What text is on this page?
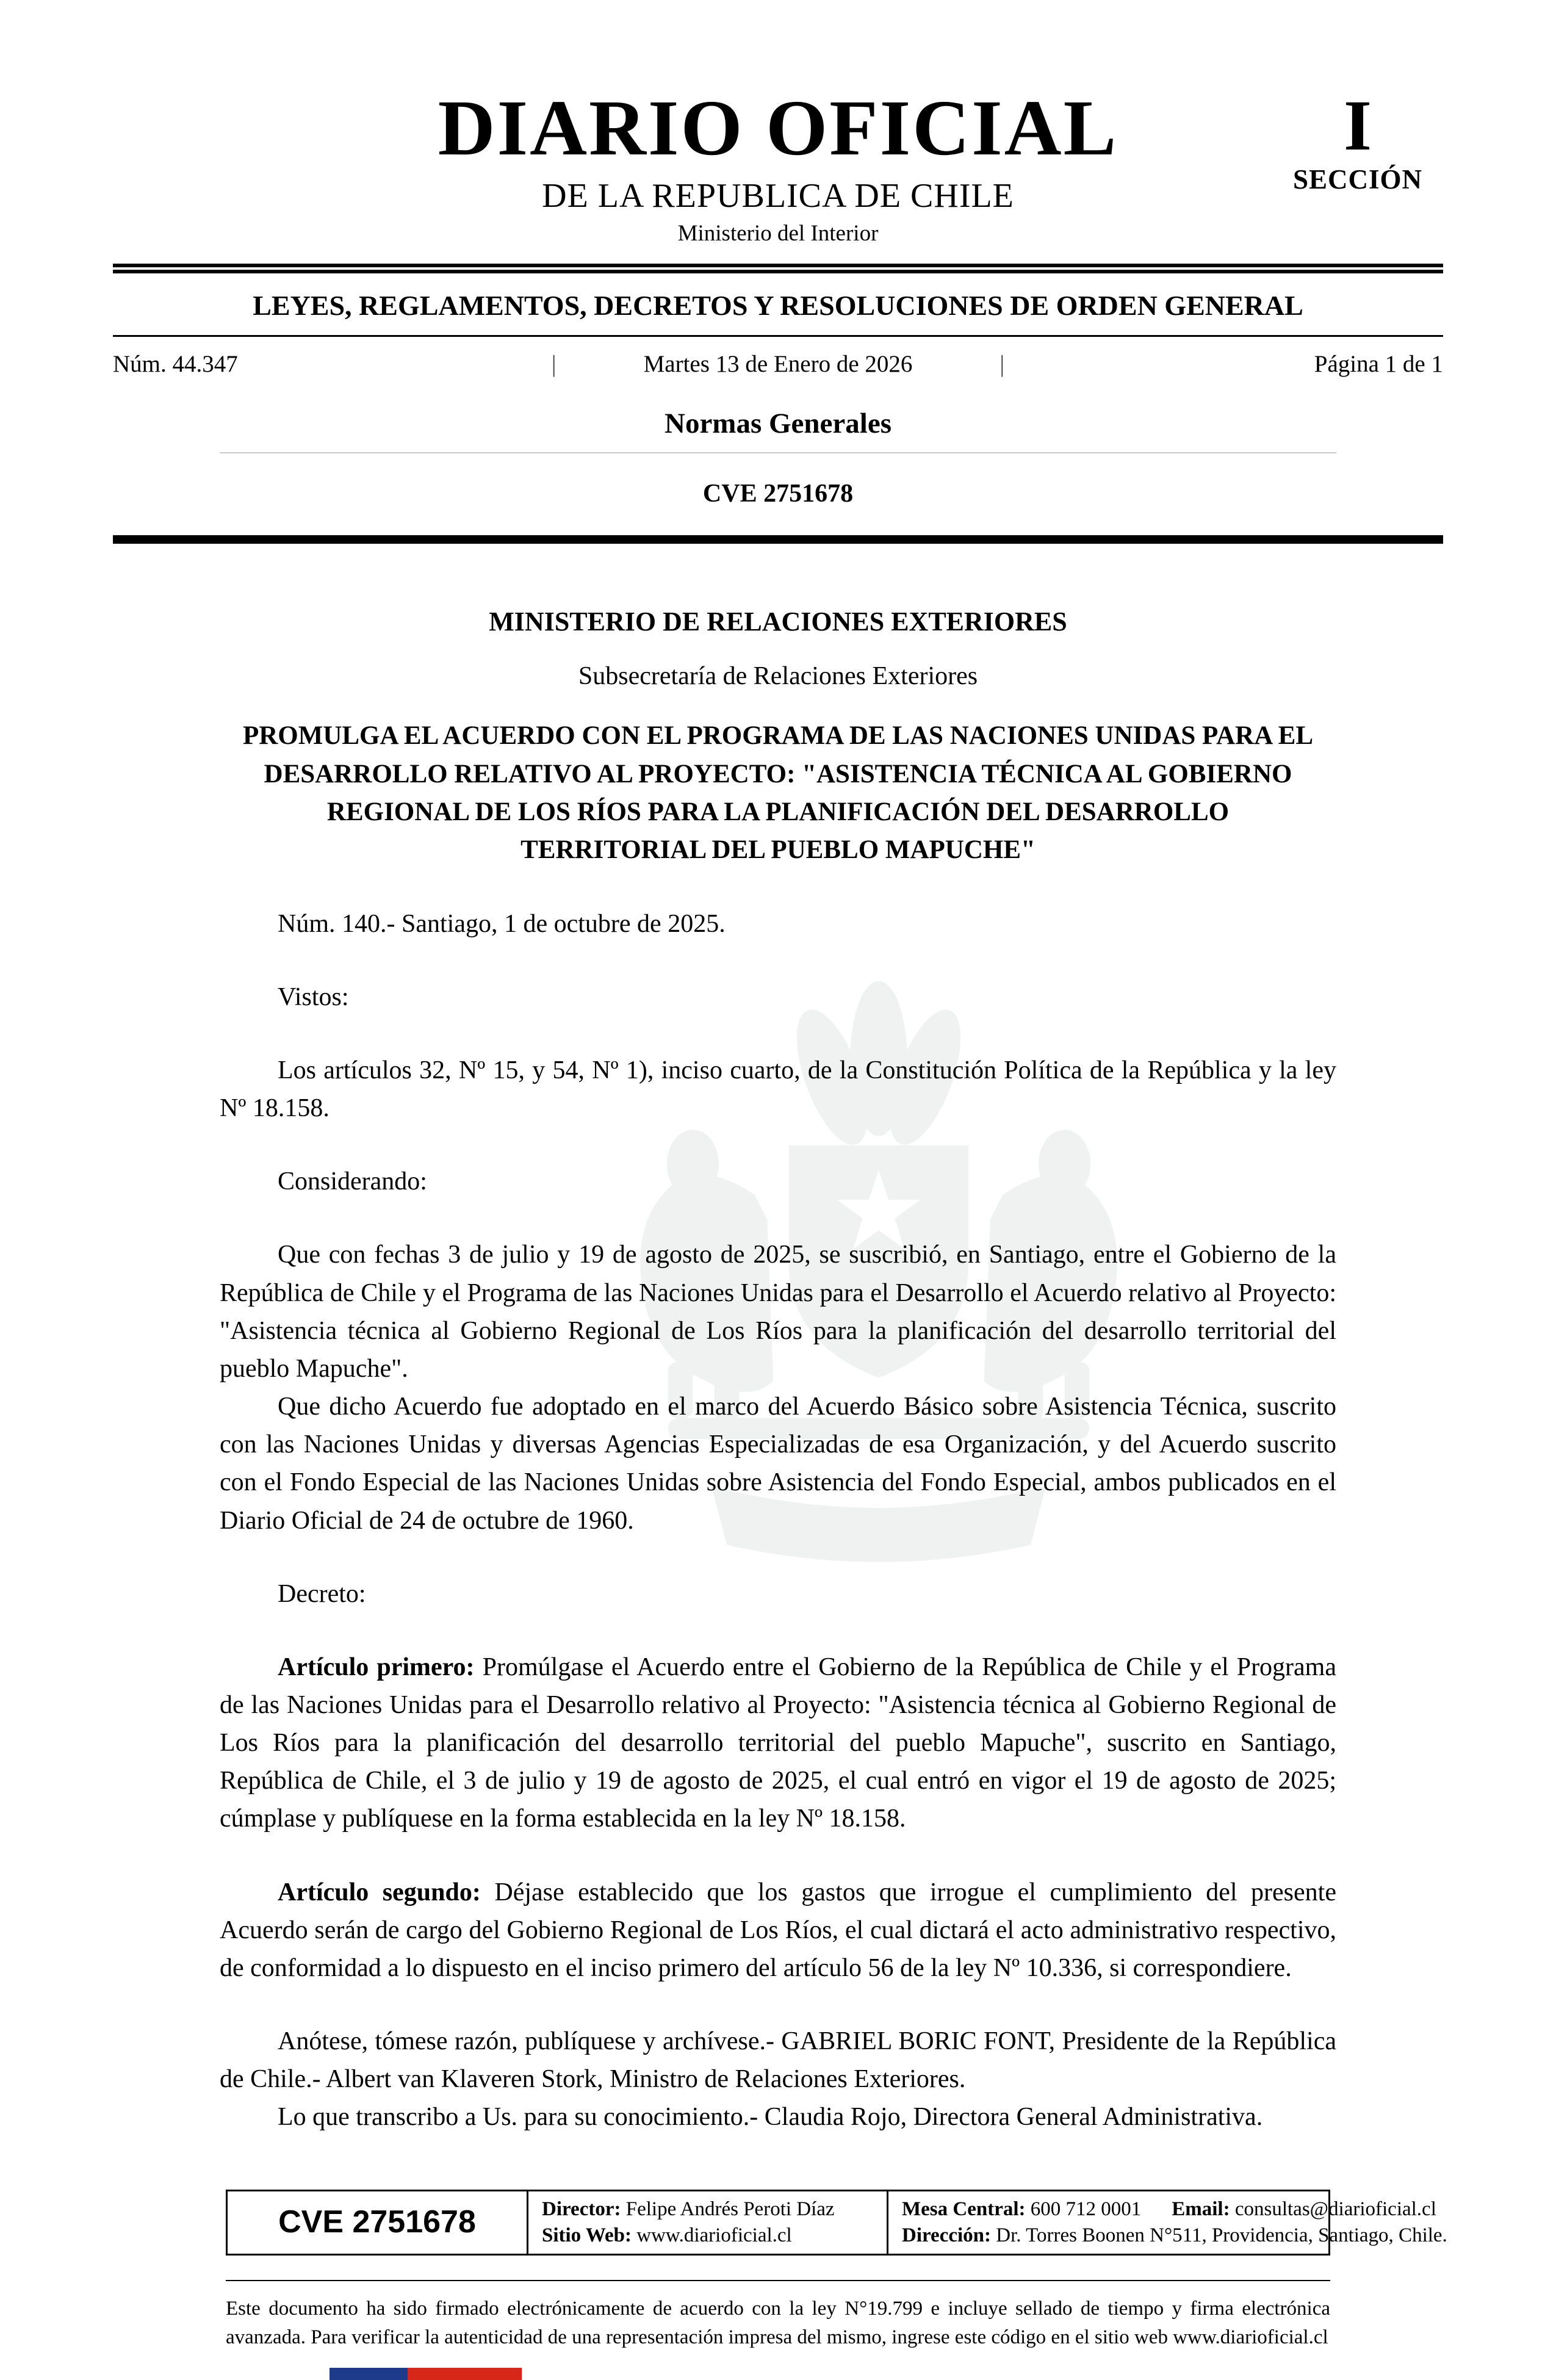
DIARIO OFICIAL
DE LA REPUBLICA DE CHILE
Ministerio del Interior
I
SECCIÓN
LEYES, REGLAMENTOS, DECRETOS Y RESOLUCIONES DE ORDEN GENERAL
Núm. 44.347	|	Martes 13 de Enero de 2026	|	Página 1 de 1
Normas Generales
CVE 2751678
MINISTERIO DE RELACIONES EXTERIORES
Subsecretaría de Relaciones Exteriores
PROMULGA EL ACUERDO CON EL PROGRAMA DE LAS NACIONES UNIDAS PARA EL DESARROLLO RELATIVO AL PROYECTO: "ASISTENCIA TÉCNICA AL GOBIERNO REGIONAL DE LOS RÍOS PARA LA PLANIFICACIÓN DEL DESARROLLO TERRITORIAL DEL PUEBLO MAPUCHE"

Núm. 140.- Santiago, 1 de octubre de 2025.

Vistos:

Los artículos 32, Nº 15, y 54, Nº 1), inciso cuarto, de la Constitución Política de la República y la ley Nº 18.158.

Considerando:

Que con fechas 3 de julio y 19 de agosto de 2025, se suscribió, en Santiago, entre el Gobierno de la República de Chile y el Programa de las Naciones Unidas para el Desarrollo el Acuerdo relativo al Proyecto: "Asistencia técnica al Gobierno Regional de Los Ríos para la planificación del desarrollo territorial del pueblo Mapuche".

Que dicho Acuerdo fue adoptado en el marco del Acuerdo Básico sobre Asistencia Técnica, suscrito con las Naciones Unidas y diversas Agencias Especializadas de esa Organización, y del Acuerdo suscrito con el Fondo Especial de las Naciones Unidas sobre Asistencia del Fondo Especial, ambos publicados en el Diario Oficial de 24 de octubre de 1960.

Decreto:

Artículo primero: Promúlgase el Acuerdo entre el Gobierno de la República de Chile y el Programa de las Naciones Unidas para el Desarrollo relativo al Proyecto: "Asistencia técnica al Gobierno Regional de Los Ríos para la planificación del desarrollo territorial del pueblo Mapuche", suscrito en Santiago, República de Chile, el 3 de julio y 19 de agosto de 2025, el cual entró en vigor el 19 de agosto de 2025; cúmplase y publíquese en la forma establecida en la ley Nº 18.158.

Artículo segundo: Déjase establecido que los gastos que irrogue el cumplimiento del presente Acuerdo serán de cargo del Gobierno Regional de Los Ríos, el cual dictará el acto administrativo respectivo, de conformidad a lo dispuesto en el inciso primero del artículo 56 de la ley Nº 10.336, si correspondiere.

Anótese, tómese razón, publíquese y archívese.- GABRIEL BORIC FONT, Presidente de la República de Chile.- Albert van Klaveren Stork, Ministro de Relaciones Exteriores.

Lo que transcribo a Us. para su conocimiento.- Claudia Rojo, Directora General Administrativa.

CVE 2751678	Director: Felipe Andrés Peroti Díaz
Sitio Web: www.diarioficial.cl
Mesa Central: 600 712 0001 Email: consultas@diarioficial.cl
Dirección: Dr. Torres Boonen N°511, Providencia, Santiago, Chile.

Este documento ha sido firmado electrónicamente de acuerdo con la ley N°19.799 e incluye sellado de tiempo y firma electrónica avanzada. Para verificar la autenticidad de una representación impresa del mismo, ingrese este código en el sitio web www.diarioficial.cl
